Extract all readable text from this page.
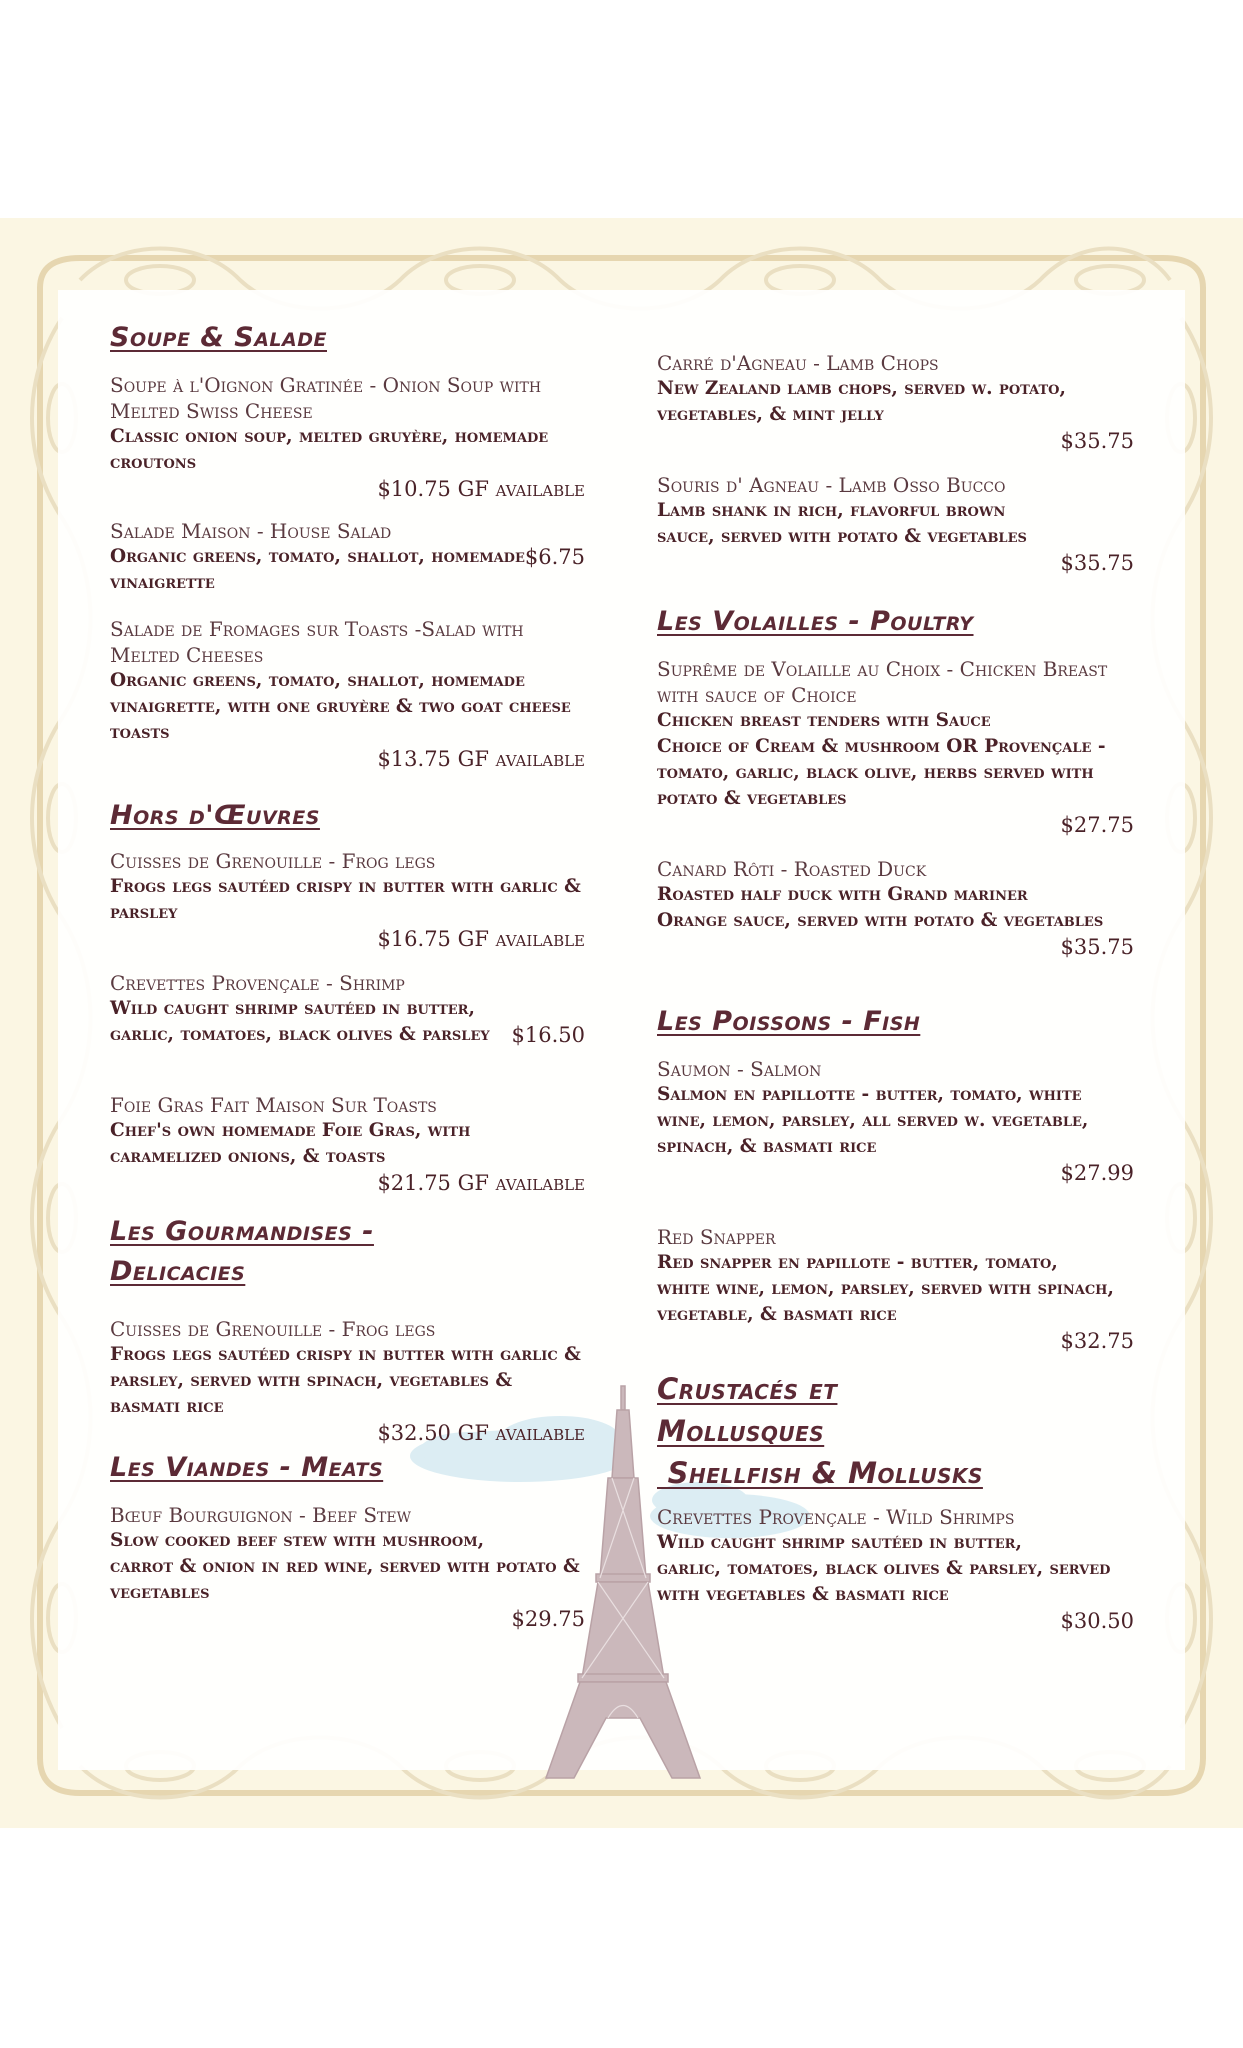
Soupe & Salade
Soupe à l'Oignon Gratinée - Onion Soup with Melted Swiss Cheese
Classic onion soup, melted gruyère, homemade croutons
$10.75 GF available
Salade Maison - House Salad
$6.75
Organic greens, tomato, shallot, homemade vinaigrette
Salade de Fromages sur Toasts -Salad with Melted Cheeses
Organic greens, tomato, shallot, homemade vinaigrette, with one gruyère & two goat cheese toasts
$13.75 GF available
Hors d'Œuvres
Cuisses de Grenouille - Frog legs
Frogs legs sautéed crispy in butter with garlic & parsley
$16.75 GF available
Crevettes Provençale - Shrimp
$16.50
Wild caught shrimp sautéed in butter, garlic, tomatoes, black olives & parsley
Foie Gras Fait Maison Sur Toasts
Chef's own homemade Foie Gras, with caramelized onions, & toasts
$21.75 GF available
Les Gourmandises -
Delicacies
Cuisses de Grenouille - Frog legs
Frogs legs sautéed crispy in butter with garlic & parsley, served with spinach, vegetables & basmati rice
$32.50 GF available
Les Viandes - Meats
Bœuf Bourguignon - Beef Stew
$29.75
Slow cooked beef stew with mushroom, carrot & onion in red wine, served with potato & vegetables
Carré d'Agneau - Lamb Chops
New Zealand lamb chops, served w. potato, vegetables, & mint jelly
$35.75
Souris d' Agneau - Lamb Osso Bucco
$35.75
Lamb shank in rich, flavorful brown sauce, served with potato & vegetables
Les Volailles - Poultry
Suprême de Volaille au Choix - Chicken Breast with sauce of Choice
$27.75
Chicken breast tenders with Sauce Choice of Cream & mushroom OR Provençale - tomato, garlic, black olive, herbs served with potato & vegetables
Canard Rôti - Roasted Duck
$35.75
Roasted half duck with Grand mariner Orange sauce, served with potato & vegetables
Les Poissons - Fish
Saumon - Salmon
Salmon en papillotte - butter, tomato, white wine, lemon, parsley, all served w. vegetable, spinach, & basmati rice
$27.99
Red Snapper
$32.75
Red snapper en papillote - butter, tomato, white wine, lemon, parsley, served with spinach, vegetable, & basmati rice
Crustacés et
Mollusques
Shellfish & Mollusks
Crevettes Provençale - Wild Shrimps
$30.50
Wild caught shrimp sautéed in butter, garlic, tomatoes, black olives & parsley, served with vegetables & basmati rice
